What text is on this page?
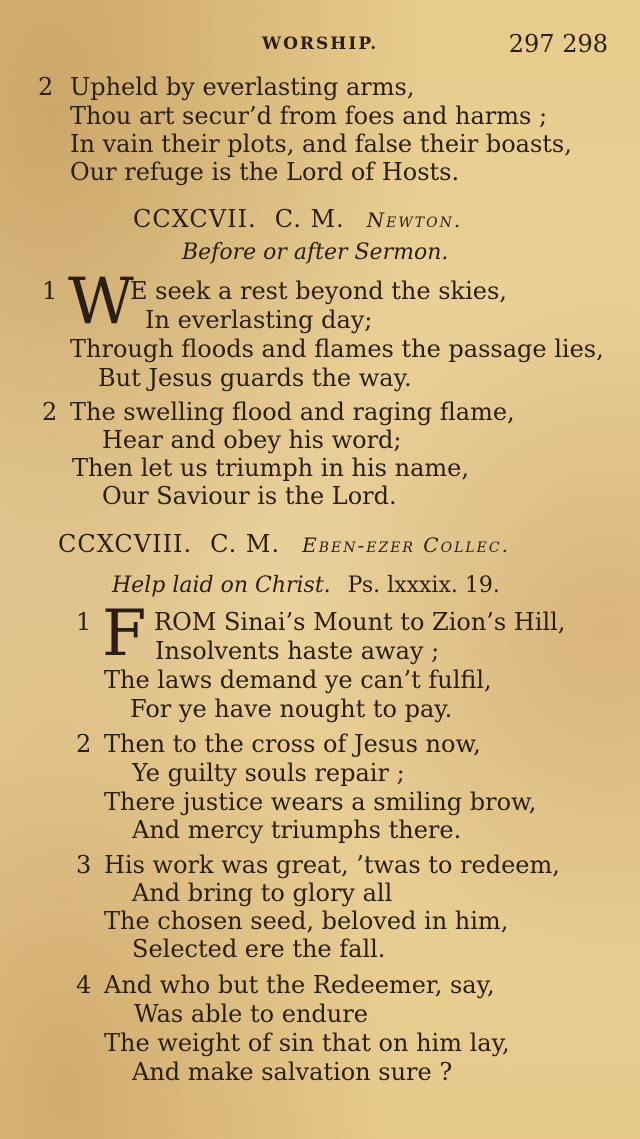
WORSHIP.	297 298
2 Upheld by everlasting arms,
Thou art secur’d from foes and harms ;
In vain their plots, and false their boasts,
Our refuge is the Lord of Hosts.
CCXCVII. C. M. Newton.
Before or after Sermon.
1 W
E seek a rest beyond the skies,
In everlasting day;
Through floods and flames the passage lies,
But Jesus guards the way.
2 The swelling flood and raging flame,
Hear and obey his word;
Then let us triumph in his name,
Our Saviour is the Lord.
CCXCVIII. C. M. Eben-ezer Collec.
Help laid on Christ. Ps. lxxxix. 19.
1 F ROM Sinai’s Mount to Zion’s Hill,
Insolvents haste away ;
The laws demand ye can’t fulfil,
For ye have nought to pay.
2 Then to the cross of Jesus now,
Ye guilty souls repair ;
There justice wears a smiling brow,
And mercy triumphs there.
3 His work was great, ’twas to redeem,
And bring to glory all
The chosen seed, beloved in him,
Selected ere the fall.
4 And who but the Redeemer, say,
Was able to endure
The weight of sin that on him lay,
And make salvation sure ?
